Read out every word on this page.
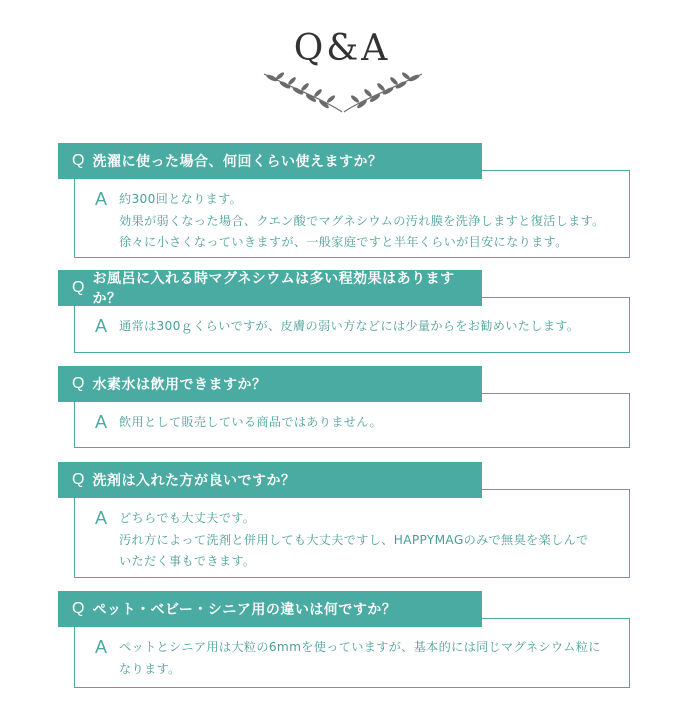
Q&A
A 約300回となります。
効果が弱くなった場合、クエン酸でマグネシウムの汚れ膜を洗浄しますと復活します。
徐々に小さくなっていきますが、一般家庭ですと半年くらいが目安になります。
Q 洗濯に使った場合、何回くらい使えますか？
A 通常は300ｇくらいですが、皮膚の弱い方などには少量からをお勧めいたします。
Q お風呂に入れる時マグネシウムは多い程効果はありますか？
A 飲用として販売している商品ではありません。
Q 水素水は飲用できますか？
A どちらでも大丈夫です。
汚れ方によって洗剤と併用しても大丈夫ですし、HAPPYMAGのみで無臭を楽しんで
いただく事もできます。
Q 洗剤は入れた方が良いですか？
A ペットとシニア用は大粒の6mmを使っていますが、基本的には同じマグネシウム粒に
なります。
Q ペット・ベビー・シニア用の違いは何ですか？
